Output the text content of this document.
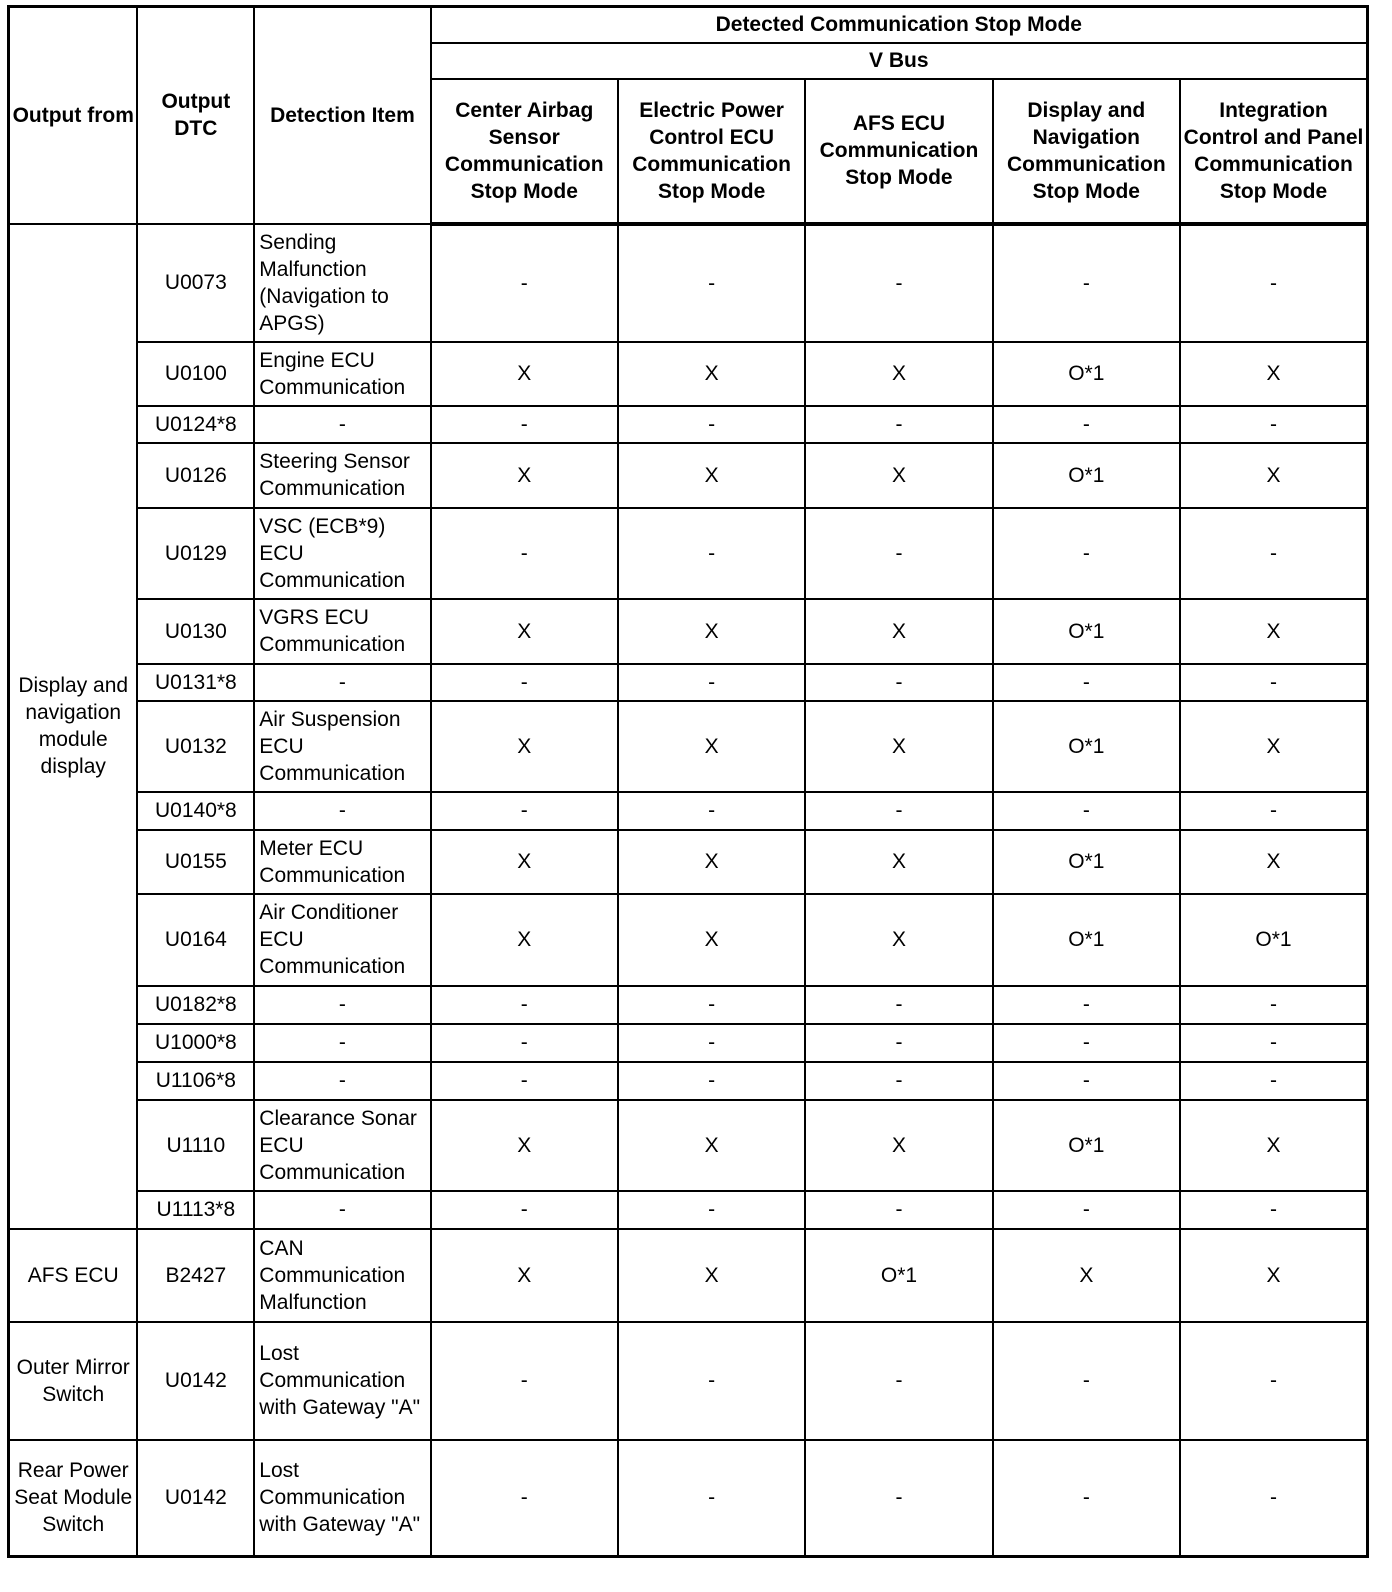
Output from	Output DTC	Detection Item	Detected Communication Stop Mode				
			V Bus				
			Center Airbag Sensor Communication Stop Mode	Electric Power Control ECU Communication Stop Mode	AFS ECU Communication Stop Mode	Display and Navigation Communication Stop Mode	Integration Control and Panel Communication Stop Mode
Display and navigation module display	U0073	Sending Malfunction (Navigation to APGS)	-	-	-	-	-
	U0100	Engine ECU Communication	X	X	X	O*1	X
	U0124*8	-	-	-	-	-	-
	U0126	Steering Sensor Communication	X	X	X	O*1	X
	U0129	VSC (ECB*9) ECU Communication	-	-	-	-	-
	U0130	VGRS ECU Communication	X	X	X	O*1	X
	U0131*8	-	-	-	-	-	-
	U0132	Air Suspension ECU Communication	X	X	X	O*1	X
	U0140*8	-	-	-	-	-	-
	U0155	Meter ECU Communication	X	X	X	O*1	X
	U0164	Air Conditioner ECU Communication	X	X	X	O*1	O*1
	U0182*8	-	-	-	-	-	-
	U1000*8	-	-	-	-	-	-
	U1106*8	-	-	-	-	-	-
	U1110	Clearance Sonar ECU Communication	X	X	X	O*1	X
	U1113*8	-	-	-	-	-	-
AFS ECU	B2427	CAN Communication Malfunction	X	X	O*1	X	X
Outer Mirror Switch	U0142	Lost Communication with Gateway "A"	-	-	-	-	-
Rear Power Seat Module Switch	U0142	Lost Communication with Gateway "A"	-	-	-	-	-
